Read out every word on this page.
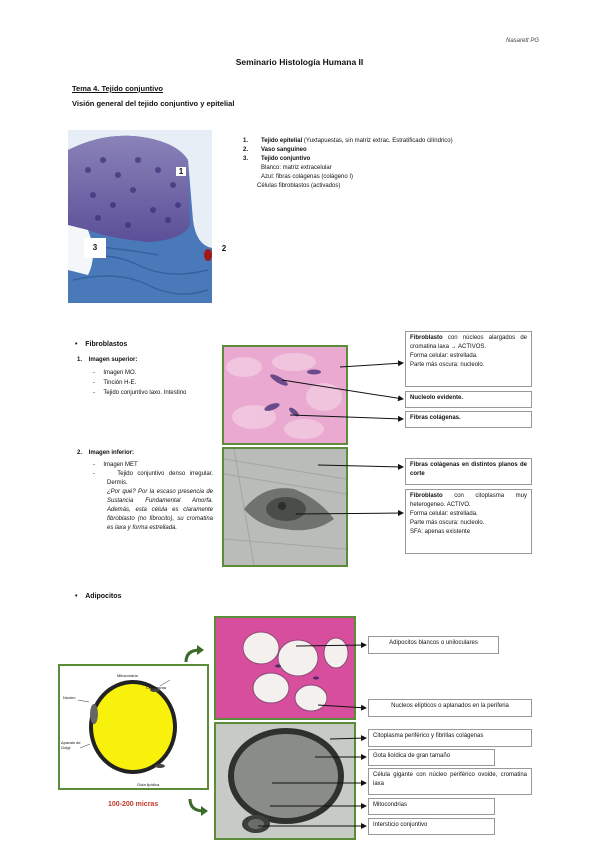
Nasarett PG
Seminario Histología Humana II
Tema 4. Tejido conjuntivo
Visión general del tejido conjuntivo y epitelial
1
2
3
1. Tejido epitelial (Yuxtapuestas, sin matriz extrac. Estratificado cilíndrico)
2. Vaso sanguíneo
3. Tejido conjuntivo
Blanco: matriz extracelular
Azul: fibras colágenas (colágeno I)
Células fibroblastos (activados)
•    Fibroblastos
1. Imagen superior:
-     Imagen MO.
-     Tinción H-E.
-     Tejido conjuntivo laxo. Intestino
2. Imagen inferior:
-     Imagen MET
-     Tejido conjuntivo denso irregular. Dermis.
¿Por qué? Por la escaso presencia de Sustancia Fundamental Amorfa. Además, esta célula es claramente fibroblasto (no fibrocito), su cromatina es laxa y forma estrellada.
Fibroblasto con núcleos alargados de cromatina laxa → ACTIVOS.
Forma celular: estrellada.
Parte más oscura: nucleolo.
Nucleolo evidente.
Fibras colágenas.
Fibras colágenas en distintos planos de corte
Fibroblasto con citoplasma muy heterogeneo. ACTIVO.
Forma celular: estrellada.
Parte más oscura: nucleolo.
SFA: apenas existente
•    Adipocitos
Mitocondria
Citoplasma
Núcleo
Aparato de Golgi
Gota lipídica
100-200 micras
Adipocitos blancos o uniloculares
Nucleos elípticos o aplanados en la periferia
Citoplasma periférico y fibrillas colágenas
Gota lioídica de gran tamaño
Célula gigante con núcleo periférico ovoide, cromatina laxa
Mitocondrias
Intersticio conjuntivo
